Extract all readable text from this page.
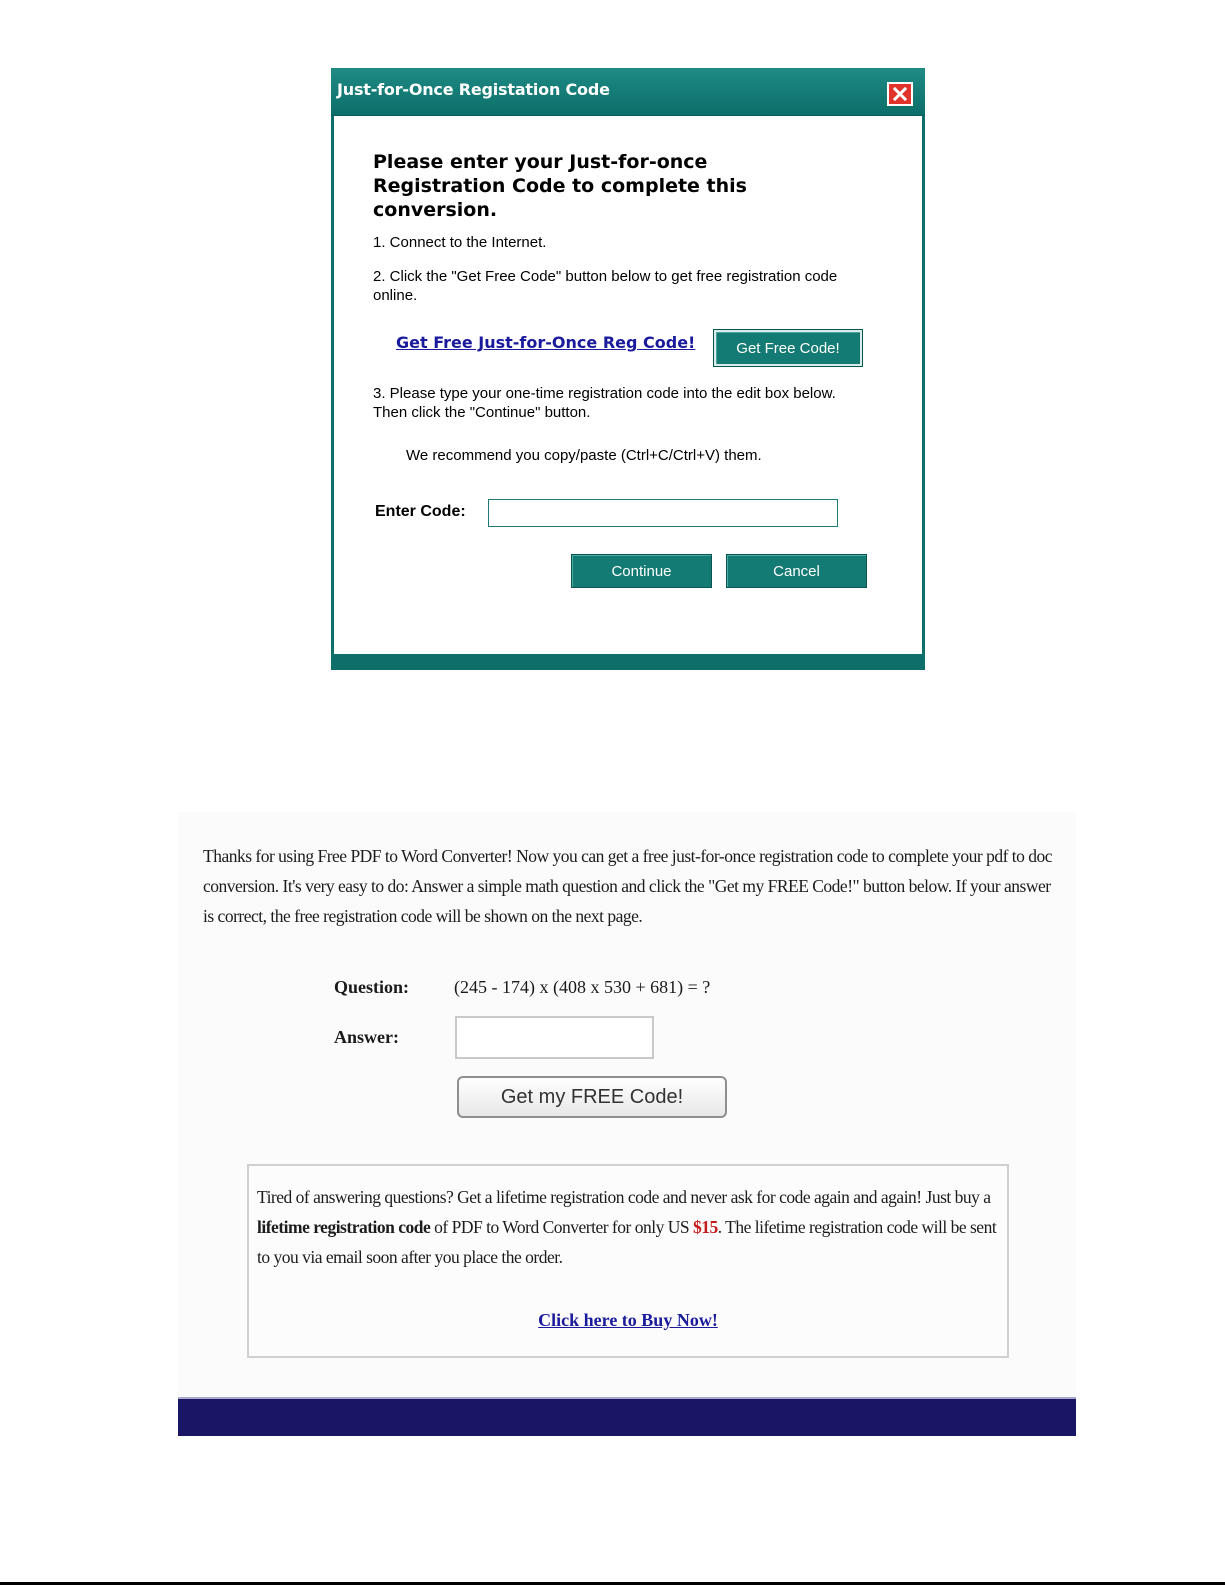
Just-for-Once Registation Code
Please enter your Just-for-once Registration Code to complete this conversion.
1. Connect to the Internet.
2. Click the "Get Free Code" button below to get free registration code online.
Get Free Just-for-Once Reg Code!	Get Free Code!
3. Please type your one-time registration code into the edit box below. Then click the "Continue" button.
We recommend you copy/paste (Ctrl+C/Ctrl+V) them.
Enter Code:
Continue	Cancel
Thanks for using Free PDF to Word Converter! Now you can get a free just-for-once registration code to complete your pdf to doc conversion. It's very easy to do: Answer a simple math question and click the "Get my FREE Code!" button below. If your answer is correct, the free registration code will be shown on the next page.
Question: (245 - 174) x (408 x 530 + 681) = ?
Answer:
Get my FREE Code!
Tired of answering questions? Get a lifetime registration code and never ask for code again and again! Just buy a lifetime registration code of PDF to Word Converter for only US $15. The lifetime registration code will be sent to you via email soon after you place the order.
Click here to Buy Now!
